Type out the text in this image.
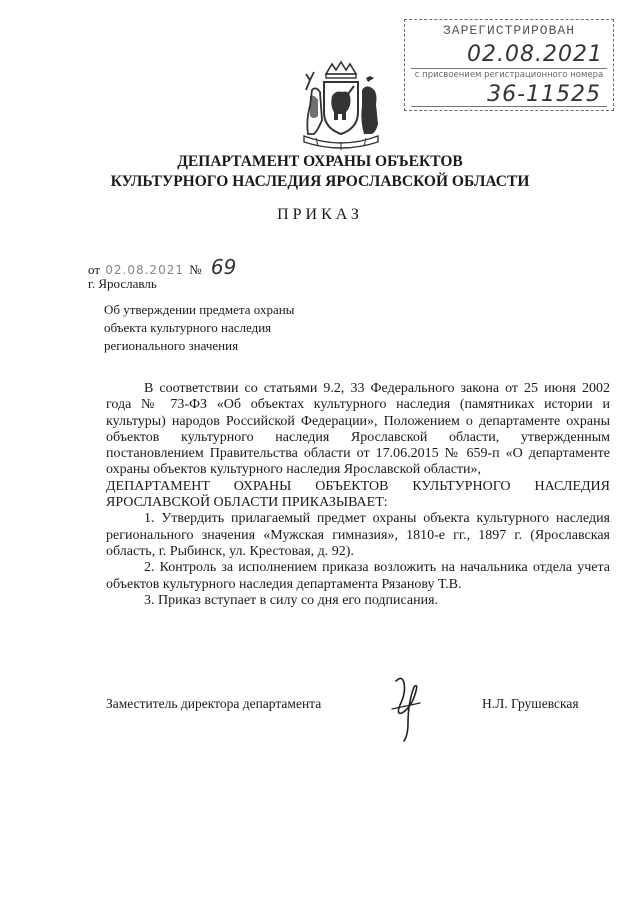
ЗАРЕГИСТРИРОВАН
02.08.2021
с присвоением регистрационного номера
36-11525
ДЕПАРТАМЕНТ ОХРАНЫ ОБЪЕКТОВ
КУЛЬТУРНОГО НАСЛЕДИЯ ЯРОСЛАВСКОЙ ОБЛАСТИ
ПРИКАЗ
от 02.08.2021 № 69
г. Ярославль
Об утверждении предмета охраны
объекта культурного наследия
регионального значения

В соответствии со статьями 9.2, 33 Федерального закона от 25 июня 2002 года № 73-ФЗ «Об объектах культурного наследия (памятниках истории и культуры) народов Российской Федерации», Положением о департаменте охраны объектов культурного наследия Ярославской области, утвержденным постановлением Правительства области от 17.06.2015 № 659-п «О департаменте охраны объектов культурного наследия Ярославской области»,

ДЕПАРТАМЕНТ ОХРАНЫ ОБЪЕКТОВ КУЛЬТУРНОГО НАСЛЕДИЯ ЯРОСЛАВСКОЙ ОБЛАСТИ ПРИКАЗЫВАЕТ:

1. Утвердить прилагаемый предмет охраны объекта культурного наследия регионального значения «Мужская гимназия», 1810-е гг., 1897 г. (Ярославская область, г. Рыбинск, ул. Крестовая, д. 92).

2. Контроль за исполнением приказа возложить на начальника отдела учета объектов культурного наследия департамента Рязанову Т.В.

3. Приказ вступает в силу со дня его подписания.

Заместитель директора департамента	Н.Л. Грушевская
